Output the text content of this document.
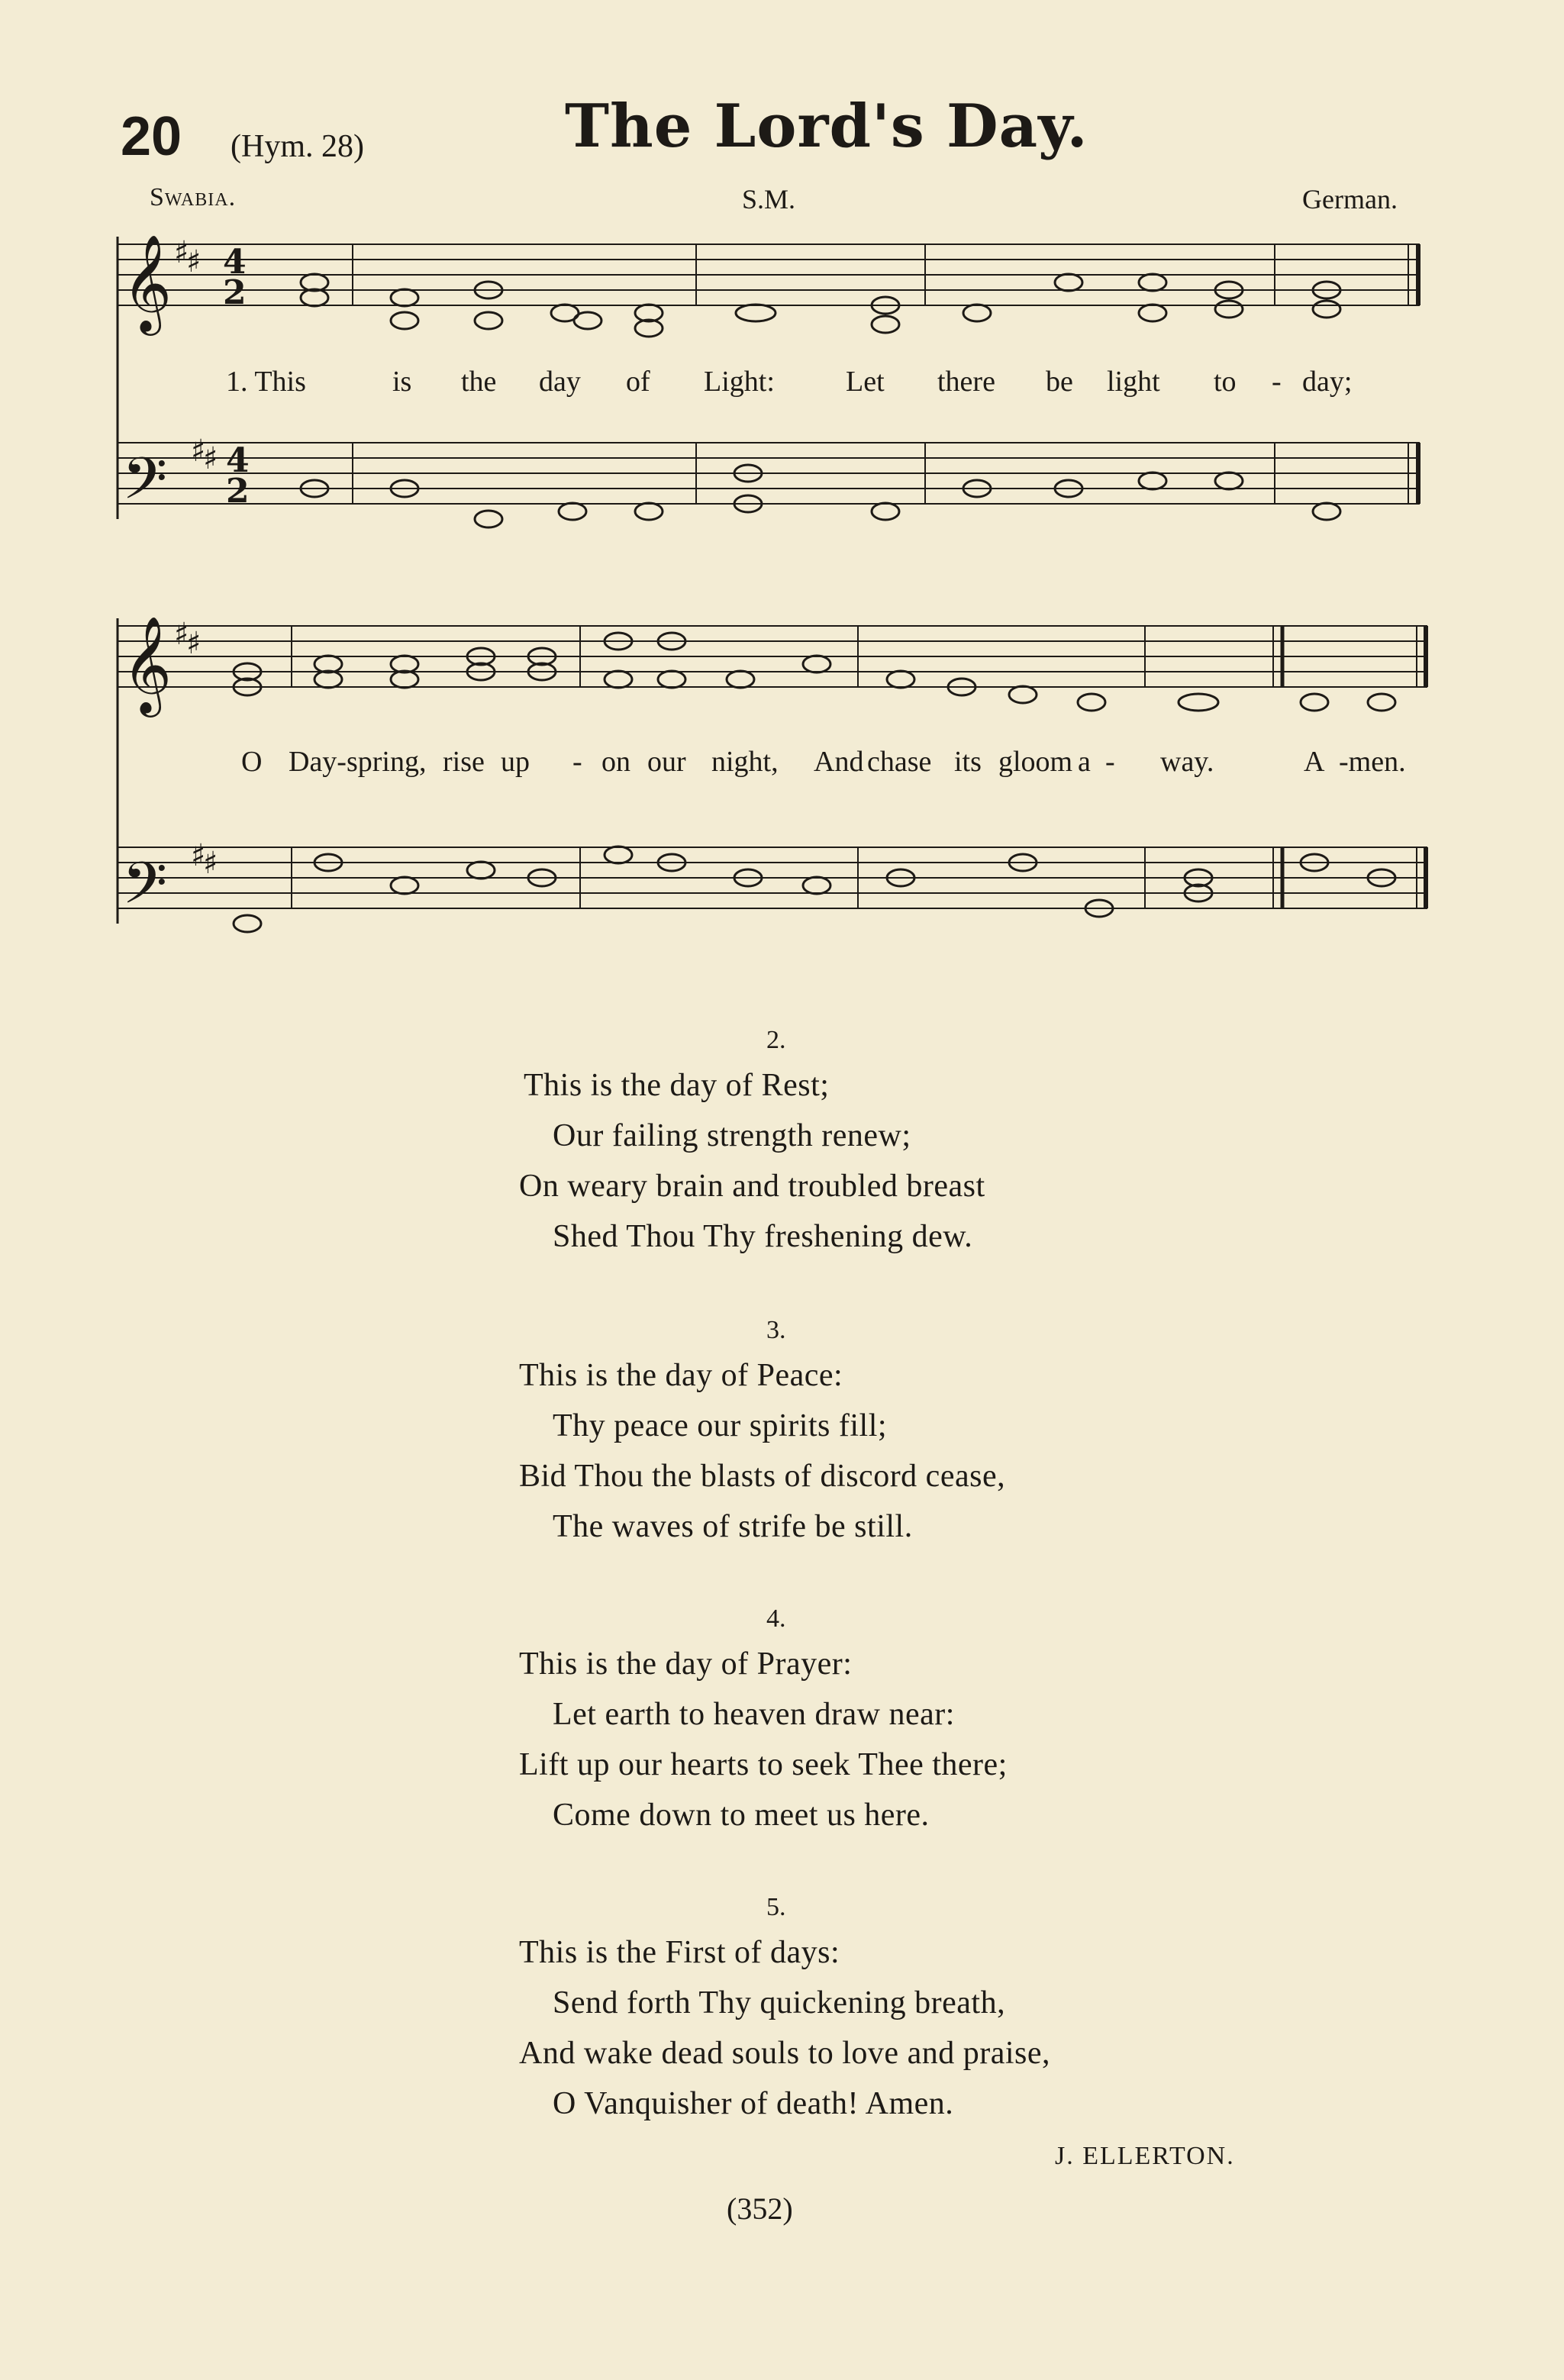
20 (Hym. 28)	The Lord's Day.
Swabia.	S.M.	German.
𝄞
𝄢
𝄞
𝄢
♯
♯
♯
♯
♯
♯
♯
♯
4
2
4
2
1. This	is the day of Light: Let there be light to - day;
O Day-spring, rise up - on our night, And chase its gloom a - way.	A -men.
2.
This is the day of Rest;
Our failing strength renew;
On weary brain and troubled breast
Shed Thou Thy freshening dew.
3.
This is the day of Peace:
Thy peace our spirits fill;
Bid Thou the blasts of discord cease,
The waves of strife be still.
4.
This is the day of Prayer:
Let earth to heaven draw near:
Lift up our hearts to seek Thee there;
Come down to meet us here.
5.
This is the First of days:
Send forth Thy quickening breath,
And wake dead souls to love and praise,
O Vanquisher of death! Amen.
J. ELLERTON.
(352)
